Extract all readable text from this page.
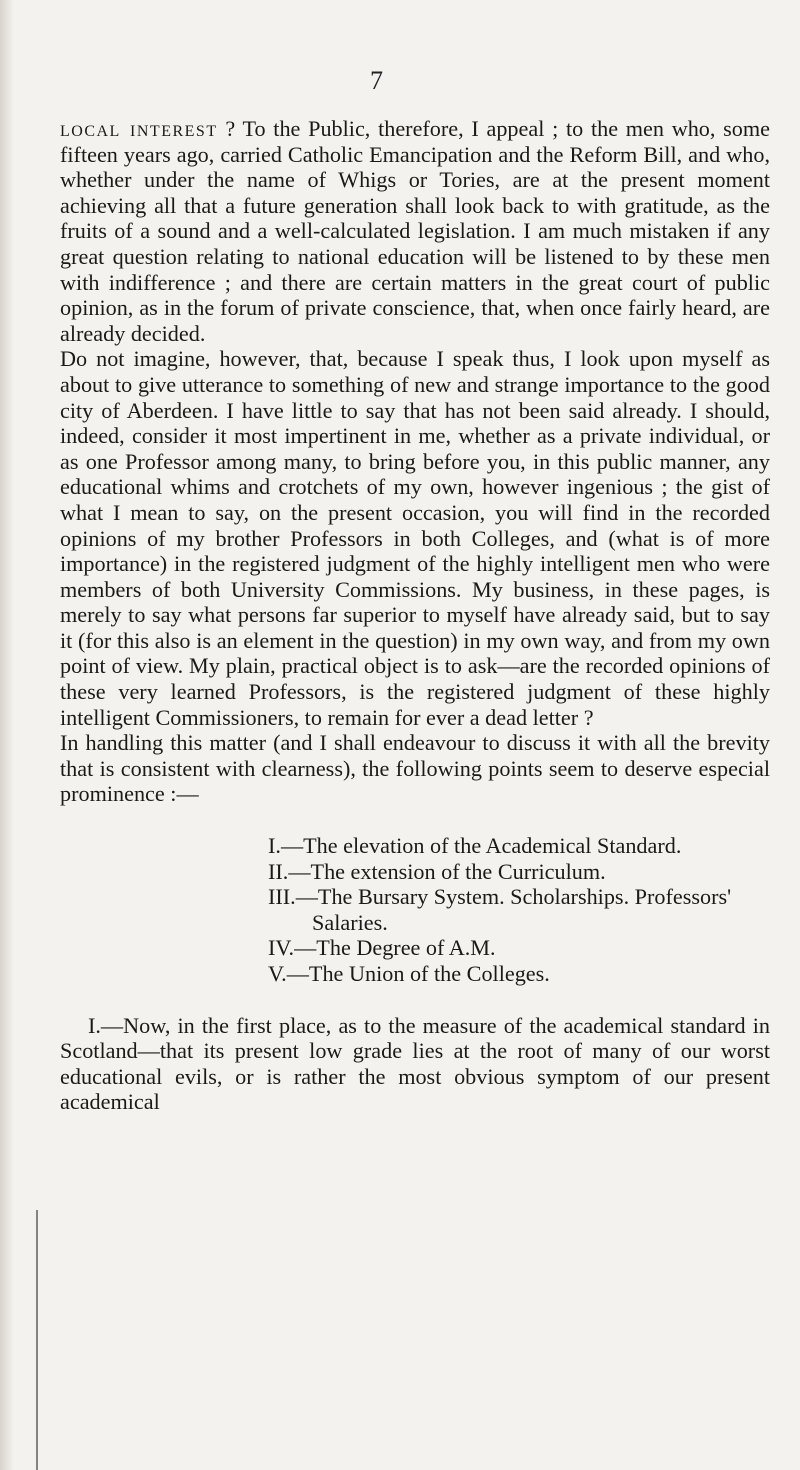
7

local interest ? To the Public, therefore, I appeal ; to the men who, some fifteen years ago, carried Catholic Emancipation and the Reform Bill, and who, whether under the name of Whigs or Tories, are at the present moment achieving all that a future generation shall look back to with gratitude, as the fruits of a sound and a well-calculated legislation. I am much mistaken if any great question relating to national education will be listened to by these men with indifference ; and there are certain matters in the great court of public opinion, as in the forum of private conscience, that, when once fairly heard, are already decided.

Do not imagine, however, that, because I speak thus, I look upon myself as about to give utterance to something of new and strange importance to the good city of Aberdeen. I have little to say that has not been said already. I should, indeed, consider it most impertinent in me, whether as a private individual, or as one Professor among many, to bring before you, in this public manner, any educational whims and crotchets of my own, however ingenious ; the gist of what I mean to say, on the present occasion, you will find in the recorded opinions of my brother Professors in both Colleges, and (what is of more importance) in the registered judgment of the highly intelligent men who were members of both University Commissions. My business, in these pages, is merely to say what persons far superior to myself have already said, but to say it (for this also is an element in the question) in my own way, and from my own point of view. My plain, practical object is to ask—are the recorded opinions of these very learned Professors, is the registered judgment of these highly intelligent Commissioners, to remain for ever a dead letter ?

In handling this matter (and I shall endeavour to discuss it with all the brevity that is consistent with clearness), the following points seem to deserve especial prominence :—

I.—The elevation of the Academical Standard.
II.—The extension of the Curriculum.
III.—The Bursary System. Scholarships. Professors' Salaries.
IV.—The Degree of A.M.
V.—The Union of the Colleges.

I.—Now, in the first place, as to the measure of the academical standard in Scotland—that its present low grade lies at the root of many of our worst educational evils, or is rather the most obvious symptom of our present academical
